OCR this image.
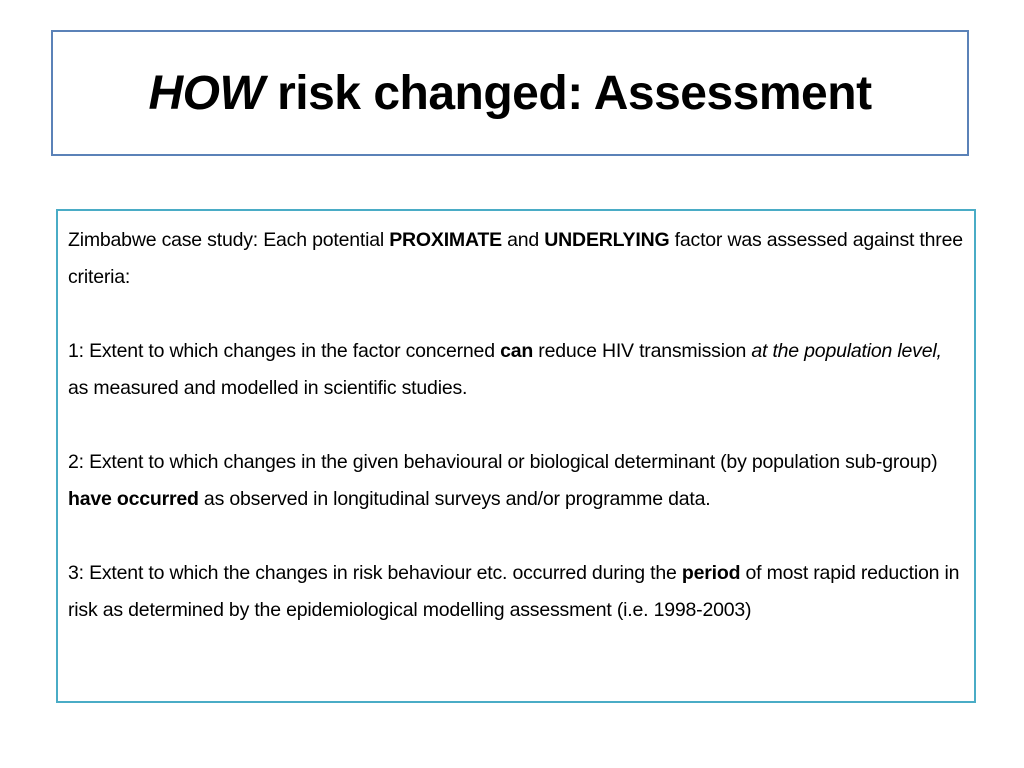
HOW risk changed: Assessment

Zimbabwe case study: Each potential PROXIMATE and UNDERLYING factor was assessed against three criteria:

1: Extent to which changes in the factor concerned can reduce HIV transmission at the population level, as measured and modelled in scientific studies.

2: Extent to which changes in the given behavioural or biological determinant (by population sub-group) have occurred as observed in longitudinal surveys and/or programme data.

3: Extent to which the changes in risk behaviour etc. occurred during the period of most rapid reduction in risk as determined by the epidemiological modelling assessment (i.e. 1998-2003)
